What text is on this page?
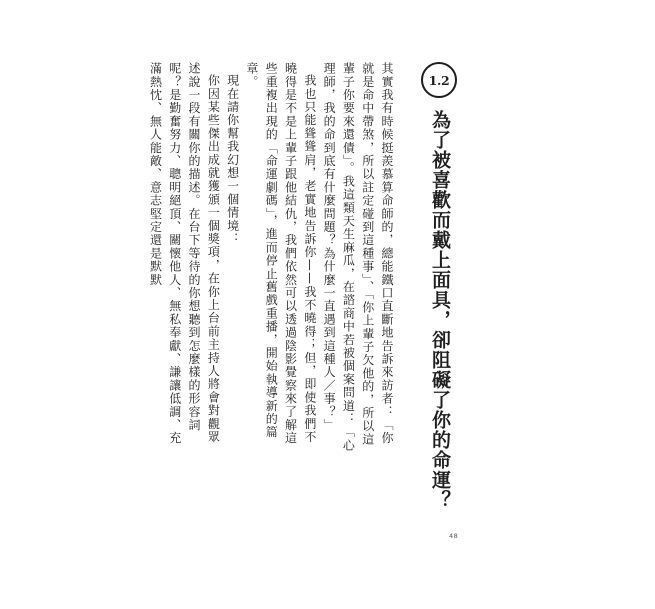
1.2
為了被喜歡而戴上面具，卻阻礙了你的命運？

其實我有時候挺羨慕算命師的，總能鐵口直斷地告訴來訪者：「你就是命中帶煞，所以註定碰到這種事」、「你上輩子欠他的，所以這輩子你要來還債」。我這類天生麻瓜，在諮商中若被個案問道：「心理師，我的命到底有什麼問題？為什麼一直遇到這種人／事？」

我也只能聳聳肩，老實地告訴你——我不曉得；但，即使我們不曉得是不是上輩子跟他結仇，我們依然可以透過陰影覺察來了解這些重複出現的「命運劇碼」，進而停止舊戲重播，開始執導新的篇章。

現在請你幫我幻想一個情境：

你因某些傑出成就獲頒一個獎項，在你上台前主持人將會對觀眾述說一段有關你的描述。在台下等待的你想聽到怎麼樣的形容詞呢？是勤奮努力、聰明絕頂、關懷他人、無私奉獻、謙讓低調、充滿熱忱、無人能敵、意志堅定還是默默

48
